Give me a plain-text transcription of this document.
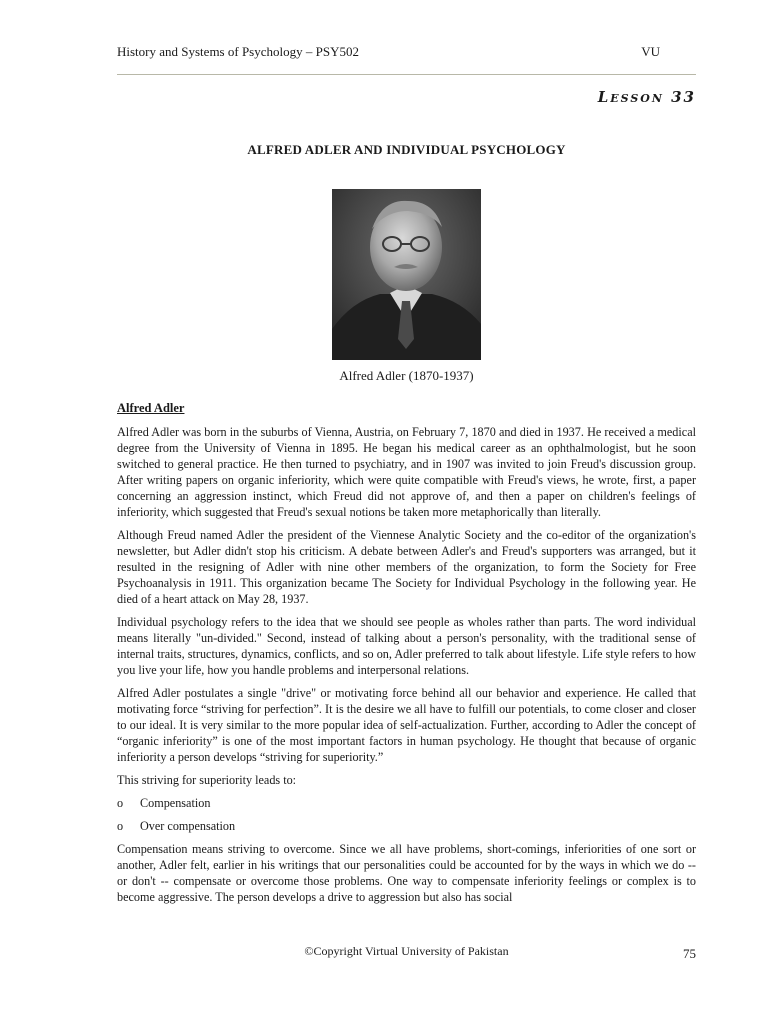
History and Systems of Psychology – PSY502	VU
Lesson 33
ALFRED ADLER AND INDIVIDUAL PSYCHOLOGY
Alfred Adler (1870-1937)

Alfred Adler

Alfred Adler was born in the suburbs of Vienna, Austria, on February 7, 1870 and died in 1937. He received a medical degree from the University of Vienna in 1895. He began his medical career as an ophthalmologist, but he soon switched to general practice. He then turned to psychiatry, and in 1907 was invited to join Freud's discussion group. After writing papers on organic inferiority, which were quite compatible with Freud's views, he wrote, first, a paper concerning an aggression instinct, which Freud did not approve of, and then a paper on children's feelings of inferiority, which suggested that Freud's sexual notions be taken more metaphorically than literally.

Although Freud named Adler the president of the Viennese Analytic Society and the co-editor of the organization's newsletter, but Adler didn't stop his criticism. A debate between Adler's and Freud's supporters was arranged, but it resulted in the resigning of Adler with nine other members of the organization, to form the Society for Free Psychoanalysis in 1911. This organization became The Society for Individual Psychology in the following year. He died of a heart attack on May 28, 1937.

Individual psychology refers to the idea that we should see people as wholes rather than parts. The word individual means literally "un-divided." Second, instead of talking about a person's personality, with the traditional sense of internal traits, structures, dynamics, conflicts, and so on, Adler preferred to talk about lifestyle. Life style refers to how you live your life, how you handle problems and interpersonal relations.

Alfred Adler postulates a single "drive" or motivating force behind all our behavior and experience. He called that motivating force “striving for perfection”. It is the desire we all have to fulfill our potentials, to come closer and closer to our ideal. It is very similar to the more popular idea of self-actualization. Further, according to Adler the concept of “organic inferiority” is one of the most important factors in human psychology. He thought that because of organic inferiority a person develops “striving for superiority.”

This striving for superiority leads to:

o Compensation
o Over compensation

Compensation means striving to overcome. Since we all have problems, short-comings, inferiorities of one sort or another, Adler felt, earlier in his writings that our personalities could be accounted for by the ways in which we do -- or don't -- compensate or overcome those problems. One way to compensate inferiority feelings or complex is to become aggressive. The person develops a drive to aggression but also has social

©Copyright Virtual University of Pakistan	75
